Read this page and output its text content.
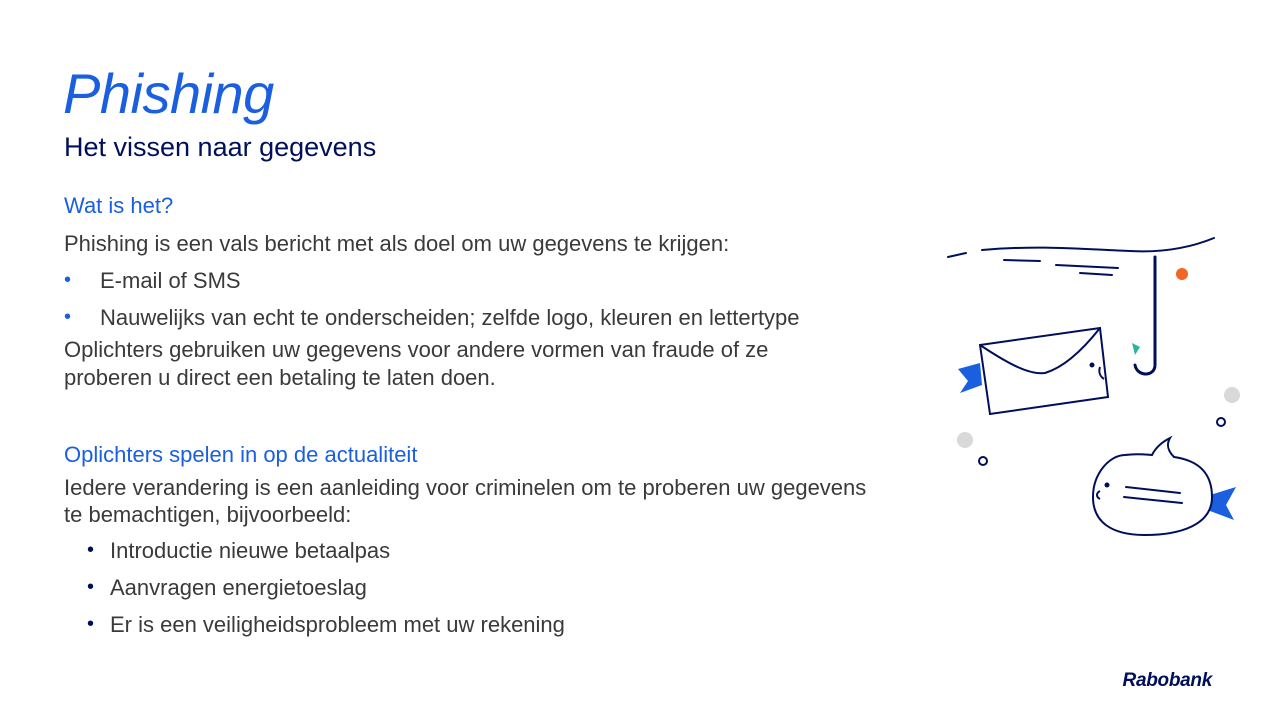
Phishing
Het vissen naar gegevens

Wat is het?

Phishing is een vals bericht met als doel om uw gegevens te krijgen:

• E-mail of SMS
• Nauwelijks van echt te onderscheiden; zelfde logo, kleuren en lettertype

Oplichters gebruiken uw gegevens voor andere vormen van fraude of ze proberen u direct een betaling te laten doen.

Oplichters spelen in op de actualiteit

Iedere verandering is een aanleiding voor criminelen om te proberen uw gegevens te bemachtigen, bijvoorbeeld:

• Introductie nieuwe betaalpas
• Aanvragen energietoeslag
• Er is een veiligheidsprobleem met uw rekening
Rabobank
